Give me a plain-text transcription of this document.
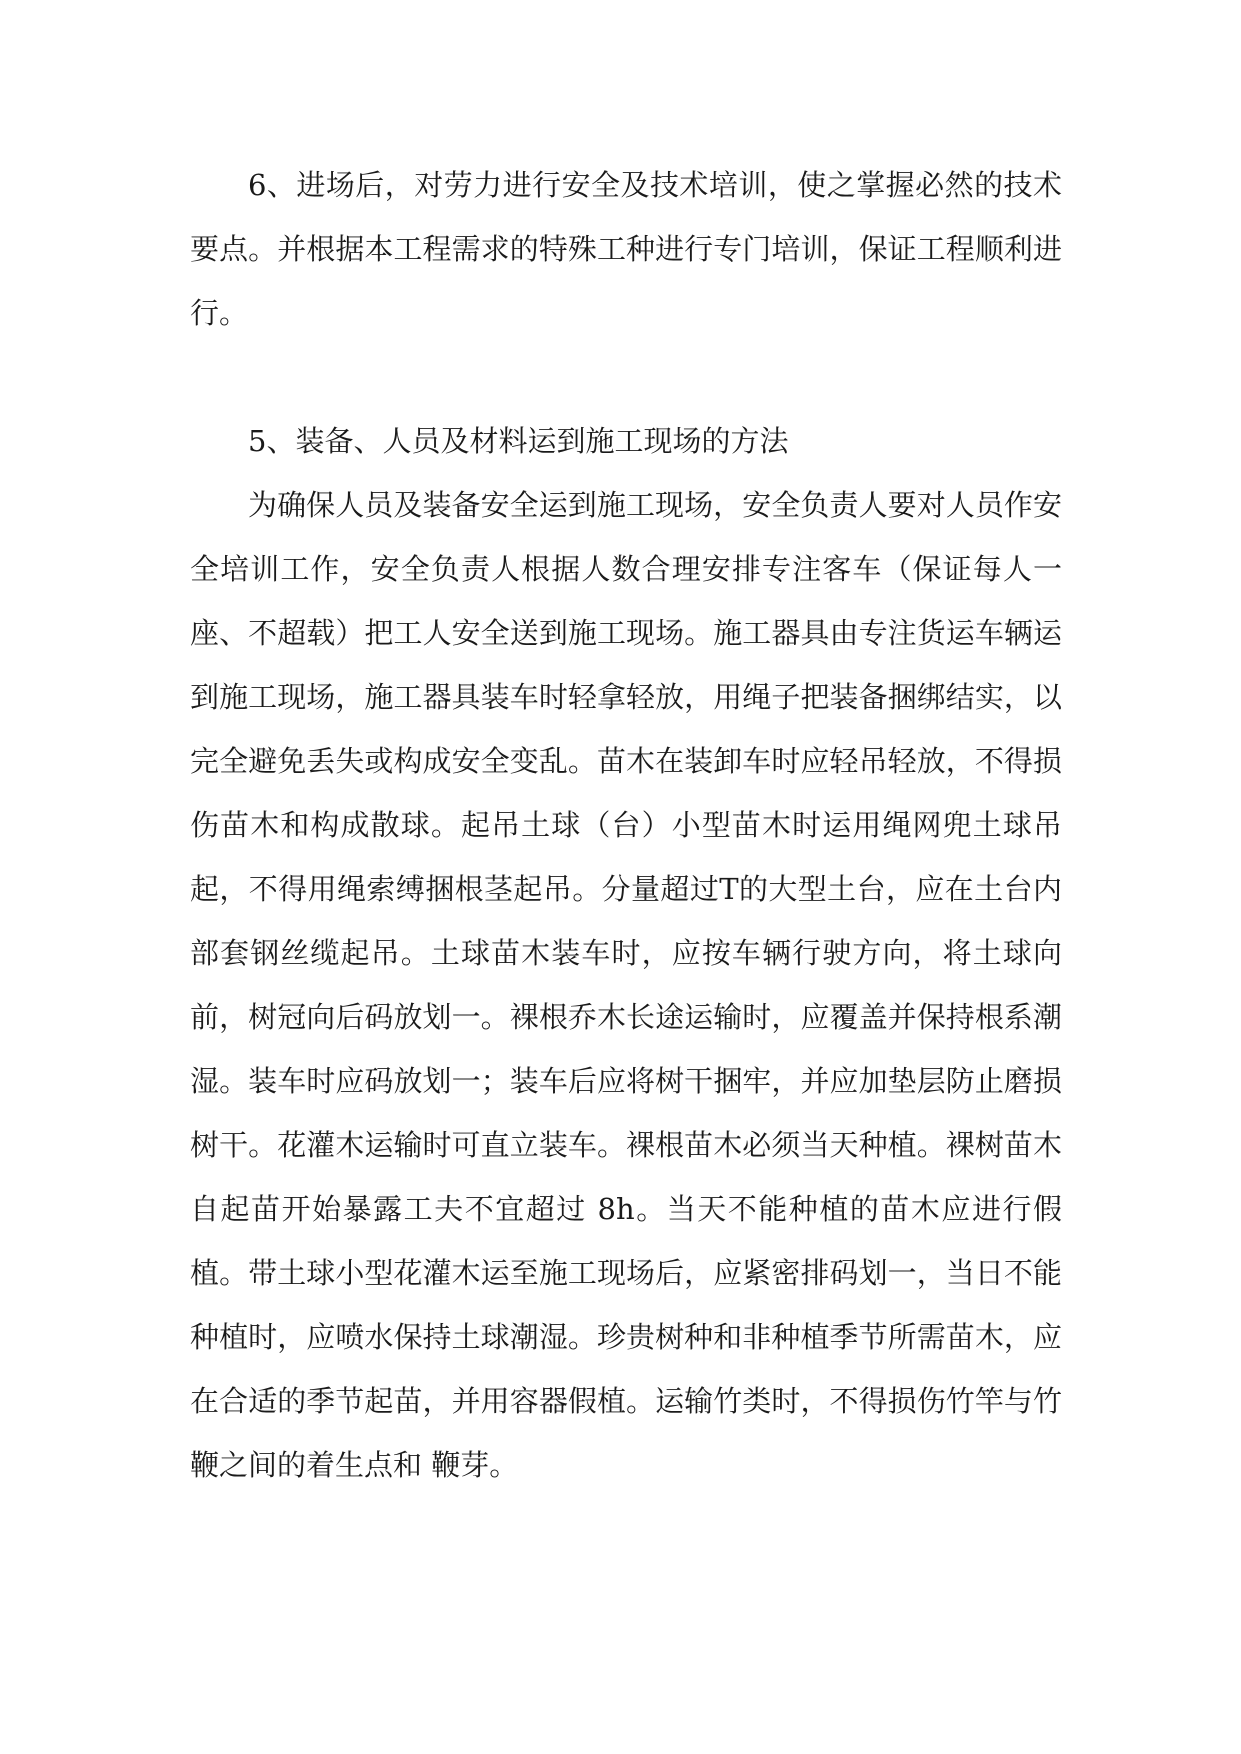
6、进场后，对劳力进行安全及技术培训，使之掌握必然的技术要点。并根据本工程需求的特殊工种进行专门培训，保证工程顺利进行。

5、装备、人员及材料运到施工现场的方法

为确保人员及装备安全运到施工现场，安全负责人要对人员作安全培训工作，安全负责人根据人数合理安排专注客车（保证每人一座、不超载）把工人安全送到施工现场。施工器具由专注货运车辆运到施工现场，施工器具装车时轻拿轻放，用绳子把装备捆绑结实，以完全避免丢失或构成安全变乱。苗木在装卸车时应轻吊轻放，不得损伤苗木和构成散球。起吊土球（台）小型苗木时运用绳网兜土球吊起，不得用绳索缚捆根茎起吊。分量超过T的大型土台，应在土台内部套钢丝缆起吊。土球苗木装车时，应按车辆行驶方向，将土球向前，树冠向后码放划一。裸根乔木长途运输时，应覆盖并保持根系潮湿。装车时应码放划一；装车后应将树干捆牢，并应加垫层防止磨损树干。花灌木运输时可直立装车。裸根苗木必须当天种植。裸树苗木自起苗开始暴露工夫不宜超过 8h。当天不能种植的苗木应进行假植。带土球小型花灌木运至施工现场后，应紧密排码划一，当日不能种植时，应喷水保持土球潮湿。珍贵树种和非种植季节所需苗木，应在合适的季节起苗，并用容器假植。运输竹类时，不得损伤竹竿与竹鞭之间的着生点和 鞭芽。
